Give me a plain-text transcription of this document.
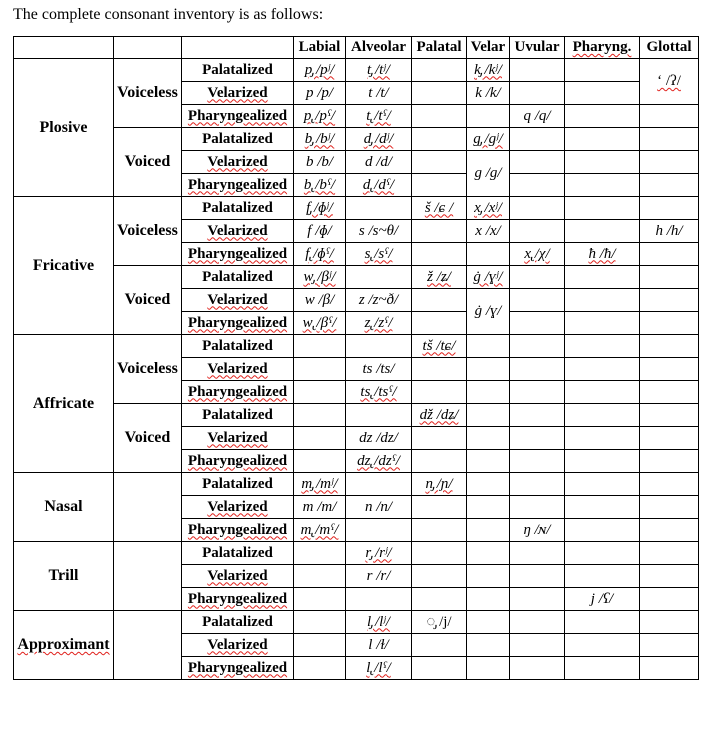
The complete consonant inventory is as follows:
			Labial	Alveolar	Palatal	Velar	Uvular	Pharyng.	Glottal
Plosive	Voiceless	Palatalized	p̡ /pʲ/	t̡ /tʲ/		k̡ /kʲ/			ʻ /ʔ/
		Velarized	p /p/	t /t/		k /k/			
		Pharyngealized	p̢ /pˤ/	t̢ /tˤ/			q /q/		
	Voiced	Palatalized	b̡ /bʲ/	d̡ /dʲ/		g̡ /gʲ/			
		Velarized	b /b/	d /d/		g /g/			
		Pharyngealized	b̢ /bˤ/	d̢ /dˤ/					
Fricative	Voiceless	Palatalized	f̡ /ɸʲ/		š /ɕ /	x̡ /xʲ/			
		Velarized	f /ɸ/	s /s~θ/		x /x/			h /h/
		Pharyngealized	f̢ /ɸˤ/	s̢ /sˤ/			x̢ /χ/	ħ /ħ/	
	Voiced	Palatalized	w̡ /βʲ/		ž /ʑ/	ġ /ɣʲ/			
		Velarized	w /β/	z /z~ð/		ġ /ɣ/			
		Pharyngealized	w̢ /βˤ/	z̢ /zˤ/					
Affricate	Voiceless	Palatalized			tš /tɕ/				
		Velarized		ts /ts/					
		Pharyngealized		ts̢ /tsˤ/					
	Voiced	Palatalized			dž /dʑ/				
		Velarized		dz /dz/					
		Pharyngealized		dz̢ /dzˤ/					
Nasal		Palatalized	m̡ /mʲ/		n̡ /ɲ/				
		Velarized	m /m/	n /n/					
		Pharyngealized	m̢ /mˤ/				ŋ /ɴ/		
Trill		Palatalized		r̡ /rʲ/					
		Velarized		r /r/					
		Pharyngealized						j /ʕ/	
Approximant		Palatalized		l̡ /lʲ/	◌̡ /j/				
		Velarized		l /ɫ/					
		Pharyngealized		l̢ /lˤ/					
